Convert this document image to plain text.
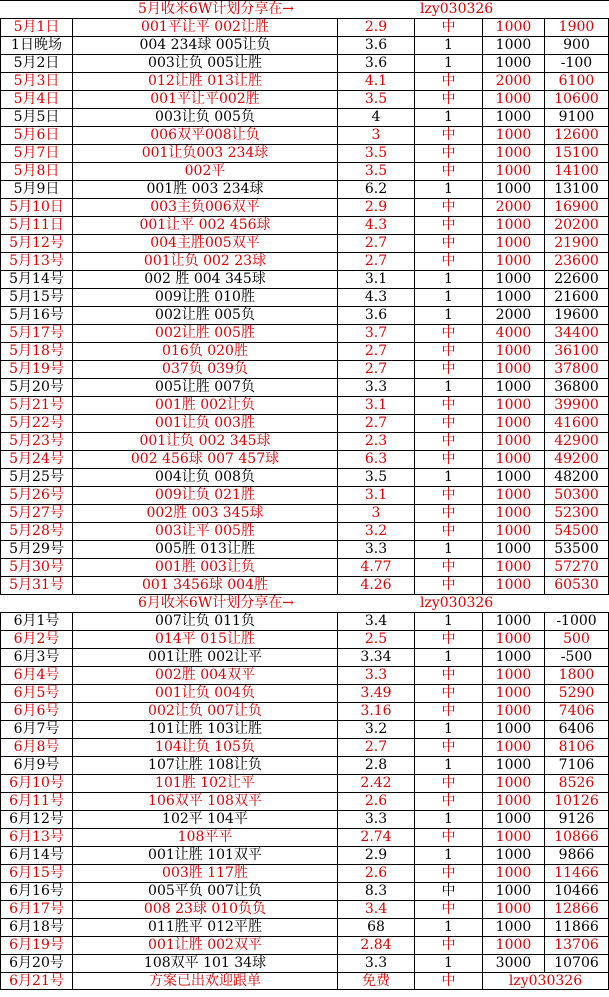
5月收米6W计划分享在→	lzy030326
5月1日	001平让平 002让胜	2.9	中	1000	1900
1日晚场	004 234球 005让负	3.6	1	1000	900
5月2日	003让负 005让胜	3.6	1	1000	-100
5月3日	012让胜 013让胜	4.1	中	2000	6100
5月4日	001平让平002胜	3.5	中	1000	10600
5月5日	003让负 005负	4	1	1000	9100
5月6日	006双平008让负	3	中	1000	12600
5月7日	001让负003 234球	3.5	中	1000	15100
5月8日	002平	3.5	中	1000	14100
5月9日	001胜 003 234球	6.2	1	1000	13100
5月10日	003主负006双平	2.9	中	2000	16900
5月11日	001让平 002 456球	4.3	中	1000	20200
5月12号	004主胜005双平	2.7	中	1000	21900
5月13号	001让负 002 23球	2.7	中	1000	23600
5月14号	002 胜 004 345球	3.1	1	1000	22600
5月15号	009让胜 010胜	4.3	1	1000	21600
5月16号	002让胜 005负	3.6	1	2000	19600
5月17号	002让胜 005胜	3.7	中	4000	34400
5月18号	016负 020胜	2.7	中	1000	36100
5月19号	037负 039负	2.7	中	1000	37800
5月20号	005让胜 007负	3.3	1	1000	36800
5月21号	001胜 002让负	3.1	中	1000	39900
5月22号	001让负 003胜	2.7	中	1000	41600
5月23号	001让负 002 345球	2.3	中	1000	42900
5月24号	002 456球 007 457球	6.3	中	1000	49200
5月25号	004让负 008负	3.5	1	1000	48200
5月26号	009让负 021胜	3.1	中	1000	50300
5月27号	002胜 003 345球	3	中	1000	52300
5月28号	003让平 005胜	3.2	中	1000	54500
5月29号	005胜 013让胜	3.3	1	1000	53500
5月30号	001胜 003让负	4.77	中	1000	57270
5月31号	001 3456球 004胜	4.26	中	1000	60530
6月收米6W计划分享在→	lzy030326
6月1号	007让负 011负	3.4	1	1000	-1000
6月2号	014平 015让胜	2.5	中	1000	500
6月3号	001让胜 002让平	3.34	1	1000	-500
6月4号	002胜 004双平	3.3	中	1000	1800
6月5号	001让负 004负	3.49	中	1000	5290
6月6号	002让负 007让负	3.16	中	1000	7406
6月7号	101让胜 103让胜	3.2	1	1000	6406
6月8号	104让负 105负	2.7	中	1000	8106
6月9号	107让胜 108让负	2.8	1	1000	7106
6月10号	101胜 102让平	2.42	中	1000	8526
6月11号	106双平 108双平	2.6	中	1000	10126
6月12号	102平 104平	3.3	1	1000	9126
6月13号	108平平	2.74	中	1000	10866
6月14号	001让胜 101双平	2.9	1	1000	9866
6月15号	003胜 117胜	2.6	中	1000	11466
6月16号	005平负 007让负	8.3	中	1000	10466
6月17号	008 23球 010负负	3.4	中	1000	12866
6月18号	011胜平 012平胜	68	1	1000	11866
6月19号	001让胜 002双平	2.84	中	1000	13706
6月20号	108双平 101 34球	3.3	1	3000	10706
6月21号	方案已出欢迎跟单	免费	中	lzy030326
